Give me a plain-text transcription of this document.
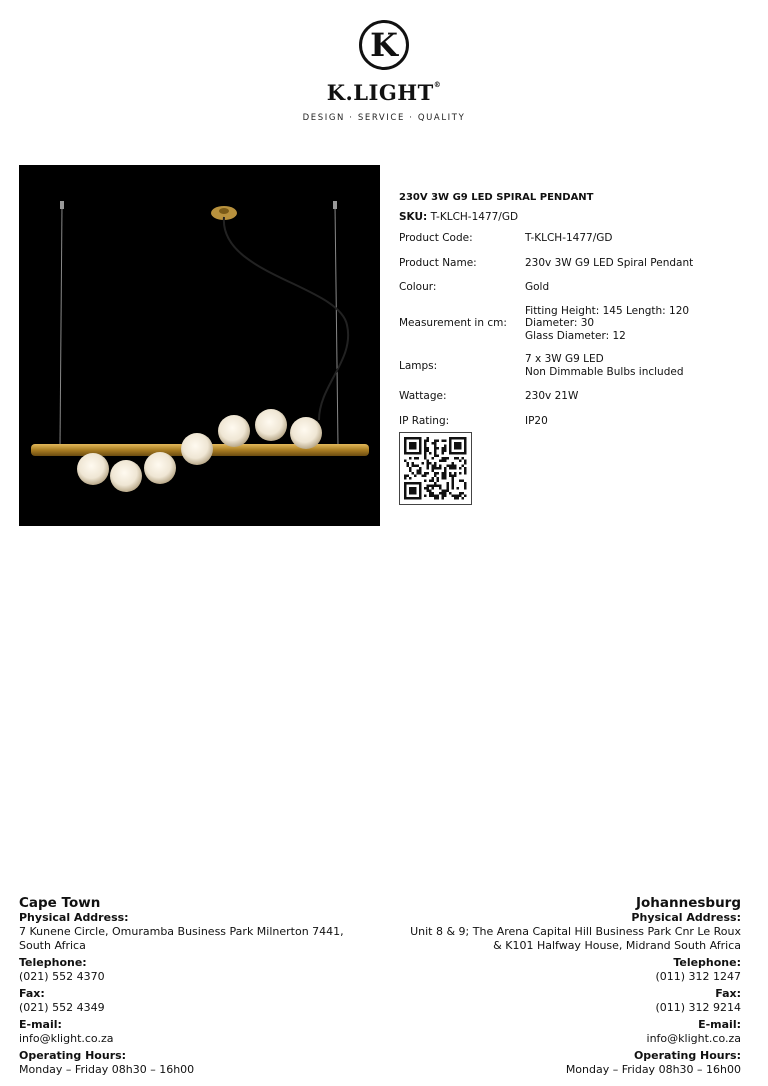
K
K.LIGHT®
DESIGN · SERVICE · QUALITY
230V 3W G9 LED SPIRAL PENDANT
SKU: T-KLCH-1477/GD
Product Code:	T-KLCH-1477/GD
Product Name:	230v 3W G9 LED Spiral Pendant
Colour:	Gold
Measurement in cm:
Fitting Height: 145 Length: 120
Diameter: 30
Glass Diameter: 12
Lamps:
7 x 3W G9 LED
Non Dimmable Bulbs included
Wattage:	230v 21W
IP Rating:	IP20
Cape Town
Physical Address:
7 Kunene Circle, Omuramba Business Park Milnerton 7441,
South Africa
Telephone:
(021) 552 4370
Fax:
(021) 552 4349
E-mail:
info@klight.co.za
Operating Hours:
Monday – Friday 08h30 – 16h00
Johannesburg
Physical Address:
Unit 8 & 9; The Arena Capital Hill Business Park Cnr Le Roux
& K101 Halfway House, Midrand South Africa
Telephone:
(011) 312 1247
Fax:
(011) 312 9214
E-mail:
info@klight.co.za
Operating Hours:
Monday – Friday 08h30 – 16h00
